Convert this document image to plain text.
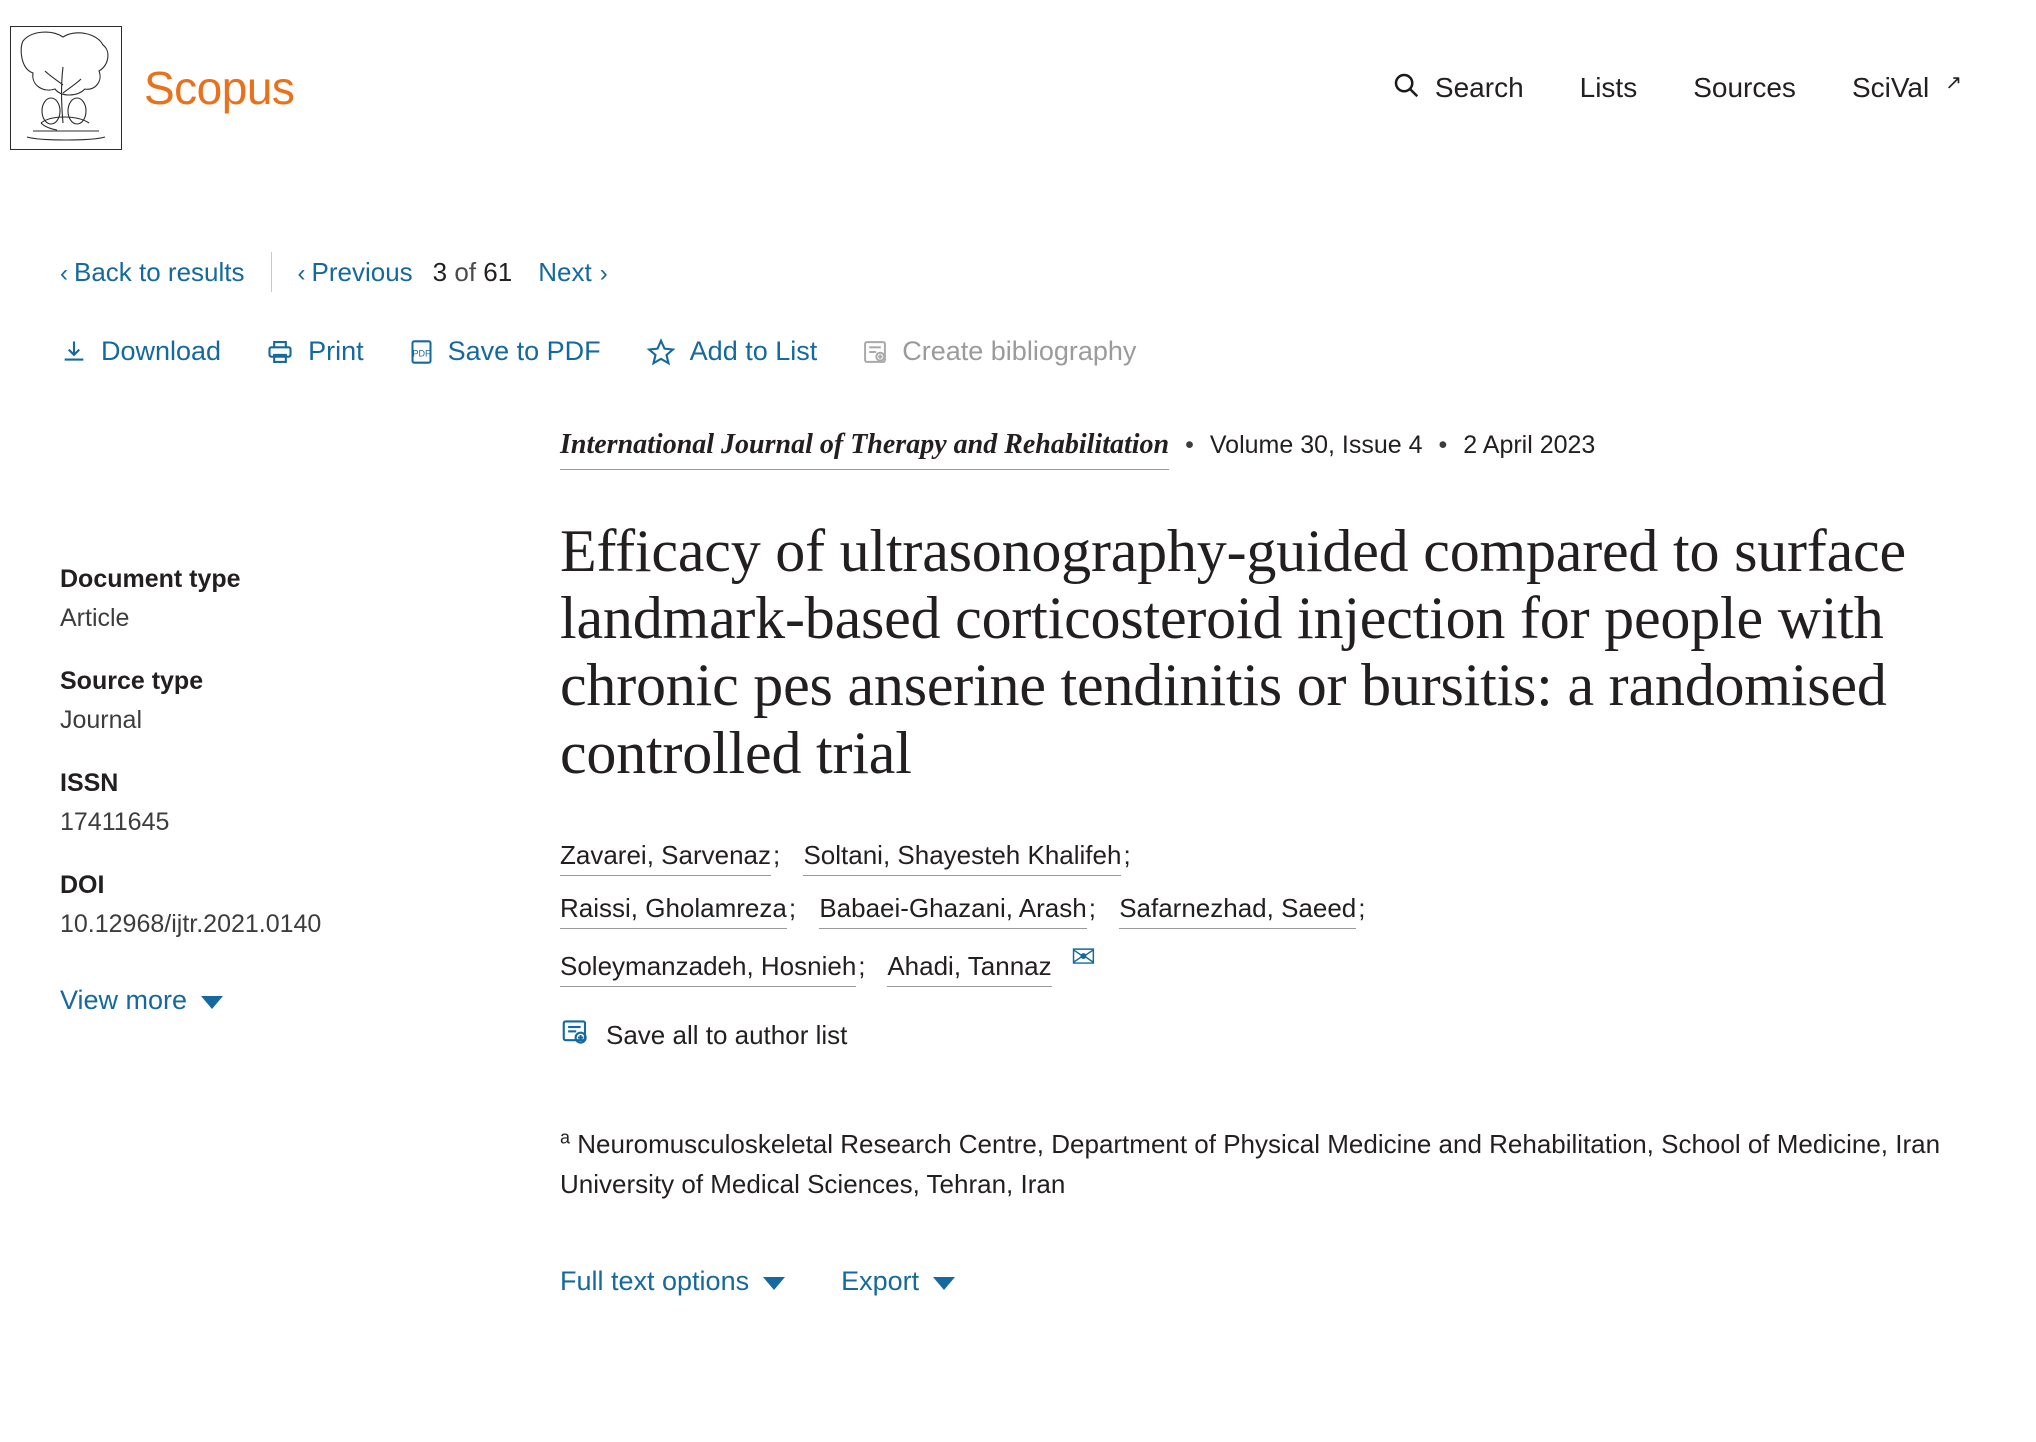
Scopus	Search Lists Sources SciVal ↗
‹ Back to results ‹ Previous 3 of 61 Next ›
Download	Print	PDF Save to PDF	Add to List	Create bibliography
Document type
Article
Source type
Journal
ISSN
17411645
DOI
10.12968/ijtr.2021.0140
View more
International Journal of Therapy and Rehabilitation • Volume 30, Issue 4 • 2 April 2023
Efficacy of ultrasonography-guided compared to surface landmark-based corticosteroid injection for people with chronic pes anserine tendinitis or bursitis: a randomised controlled trial
Zavarei, Sarvenaz; Soltani, Shayesteh Khalifeh;
Raissi, Gholamreza; Babaei-Ghazani, Arash; Safarnezhad, Saeed;
Soleymanzadeh, Hosnieh; Ahadi, Tannaz ✉
Save all to author list
$^a$ Neuromusculoskeletal Research Centre, Department of Physical Medicine and Rehabilitation, School of Medicine, Iran University of Medical Sciences, Tehran, Iran
Full text options	Export
